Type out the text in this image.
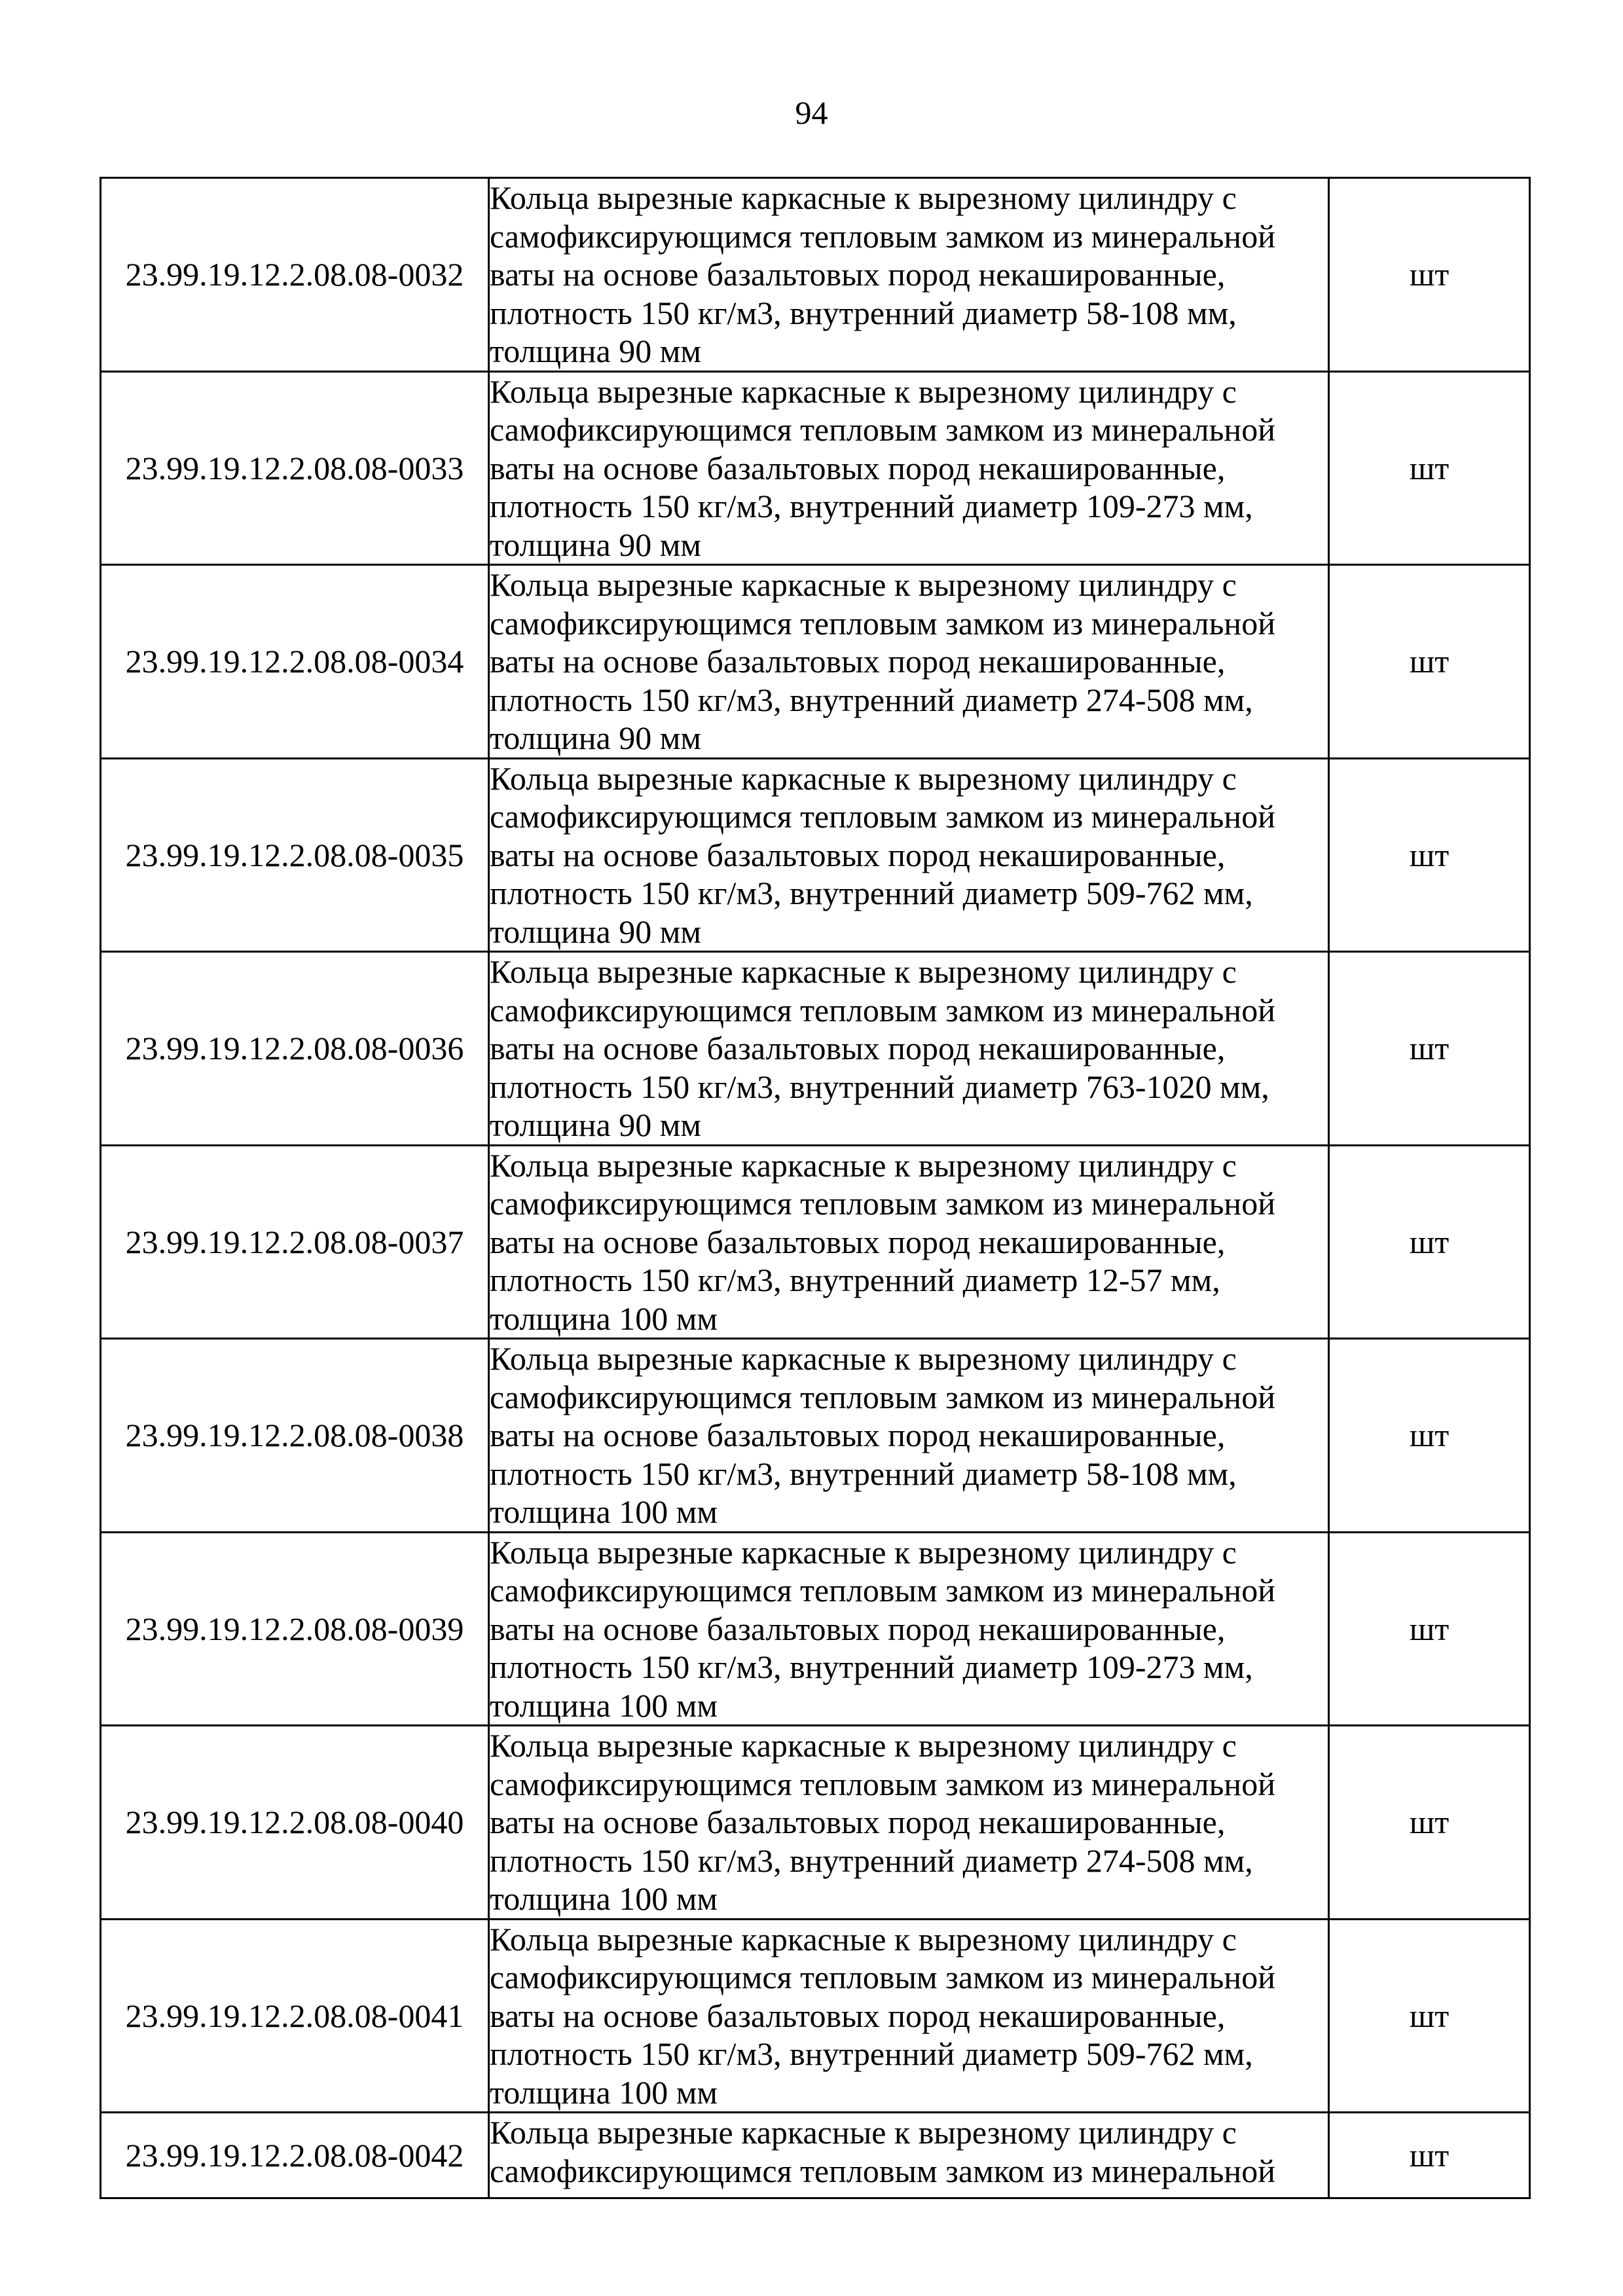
94
23.99.19.12.2.08.08-0032	Кольца вырезные каркасные к вырезному цилиндру с
самофиксирующимся тепловым замком из минеральной
ваты на основе базальтовых пород некашированные,
плотность 150 кг/м3, внутренний диаметр 58-108 мм,
толщина 90 мм	шт
23.99.19.12.2.08.08-0033	Кольца вырезные каркасные к вырезному цилиндру с
самофиксирующимся тепловым замком из минеральной
ваты на основе базальтовых пород некашированные,
плотность 150 кг/м3, внутренний диаметр 109-273 мм,
толщина 90 мм	шт
23.99.19.12.2.08.08-0034	Кольца вырезные каркасные к вырезному цилиндру с
самофиксирующимся тепловым замком из минеральной
ваты на основе базальтовых пород некашированные,
плотность 150 кг/м3, внутренний диаметр 274-508 мм,
толщина 90 мм	шт
23.99.19.12.2.08.08-0035	Кольца вырезные каркасные к вырезному цилиндру с
самофиксирующимся тепловым замком из минеральной
ваты на основе базальтовых пород некашированные,
плотность 150 кг/м3, внутренний диаметр 509-762 мм,
толщина 90 мм	шт
23.99.19.12.2.08.08-0036	Кольца вырезные каркасные к вырезному цилиндру с
самофиксирующимся тепловым замком из минеральной
ваты на основе базальтовых пород некашированные,
плотность 150 кг/м3, внутренний диаметр 763-1020 мм,
толщина 90 мм	шт
23.99.19.12.2.08.08-0037	Кольца вырезные каркасные к вырезному цилиндру с
самофиксирующимся тепловым замком из минеральной
ваты на основе базальтовых пород некашированные,
плотность 150 кг/м3, внутренний диаметр 12-57 мм,
толщина 100 мм	шт
23.99.19.12.2.08.08-0038	Кольца вырезные каркасные к вырезному цилиндру с
самофиксирующимся тепловым замком из минеральной
ваты на основе базальтовых пород некашированные,
плотность 150 кг/м3, внутренний диаметр 58-108 мм,
толщина 100 мм	шт
23.99.19.12.2.08.08-0039	Кольца вырезные каркасные к вырезному цилиндру с
самофиксирующимся тепловым замком из минеральной
ваты на основе базальтовых пород некашированные,
плотность 150 кг/м3, внутренний диаметр 109-273 мм,
толщина 100 мм	шт
23.99.19.12.2.08.08-0040	Кольца вырезные каркасные к вырезному цилиндру с
самофиксирующимся тепловым замком из минеральной
ваты на основе базальтовых пород некашированные,
плотность 150 кг/м3, внутренний диаметр 274-508 мм,
толщина 100 мм	шт
23.99.19.12.2.08.08-0041	Кольца вырезные каркасные к вырезному цилиндру с
самофиксирующимся тепловым замком из минеральной
ваты на основе базальтовых пород некашированные,
плотность 150 кг/м3, внутренний диаметр 509-762 мм,
толщина 100 мм	шт
23.99.19.12.2.08.08-0042	Кольца вырезные каркасные к вырезному цилиндру с
самофиксирующимся тепловым замком из минеральной	шт
